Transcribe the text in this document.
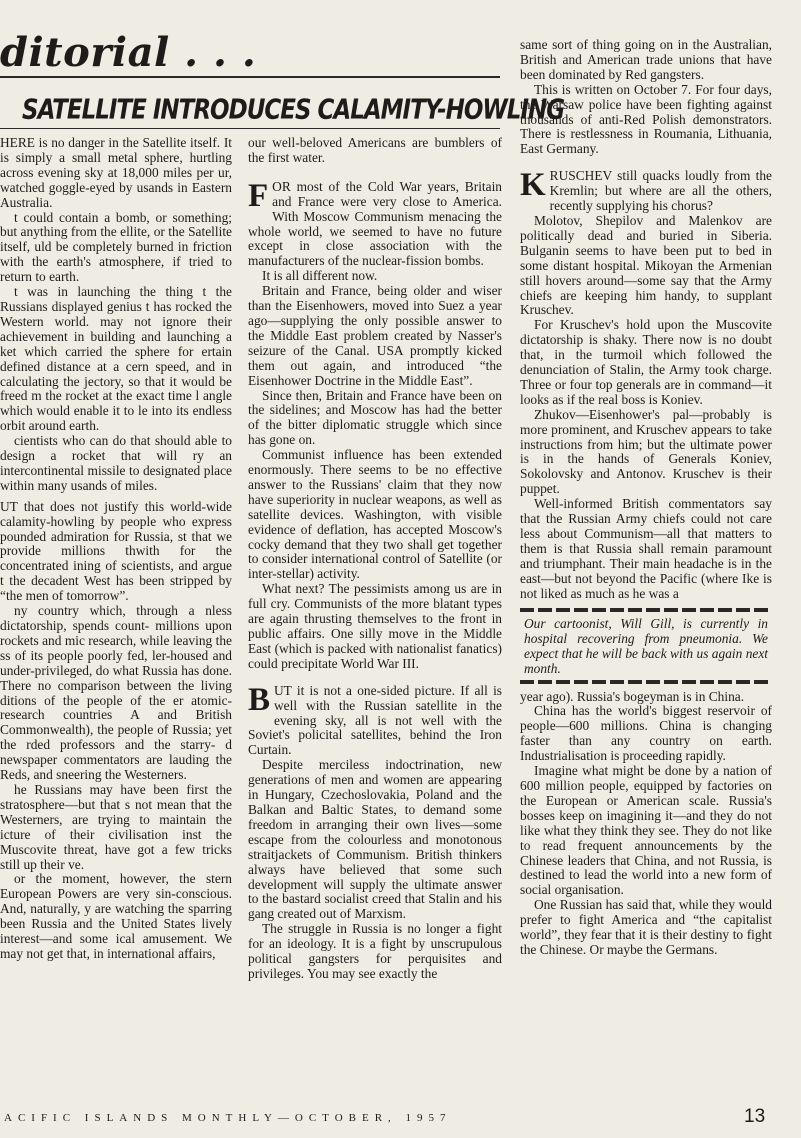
ditorial . . .
SATELLITE INTRODUCES CALAMITY-HOWLING

HERE is no danger in the Satellite itself. It is simply a small metal sphere, hurtling across evening sky at 18,000 miles per ur, watched goggle-eyed by usands in Eastern Australia.

t could contain a bomb, or something; but anything from the ellite, or the Satellite itself, uld be completely burned in friction with the earth's atmosphere, if tried to return to earth.

t was in launching the thing t the Russians displayed genius t has rocked the Western world. may not ignore their achievement in building and launching a ket which carried the sphere for ertain defined distance at a cern speed, and in calculating the jectory, so that it would be freed m the rocket at the exact time l angle which would enable it to le into its endless orbit around earth.

cientists who can do that should able to design a rocket that will ry an intercontinental missile to designated place within many usands of miles.

UT that does not justify this world-wide calamity-howling by people who express pounded admiration for Russia, st that we provide millions thwith for the concentrated ining of scientists, and argue t the decadent West has been stripped by “the men of tomorrow”.

ny country which, through a nless dictatorship, spends count- millions upon rockets and mic research, while leaving the ss of its people poorly fed, ler-housed and under-privileged, do what Russia has done. There no comparison between the living ditions of the people of the er atomic-research countries A and British Commonwealth), the people of Russia; yet the rded professors and the starry- d newspaper commentators are lauding the Reds, and sneering the Westerners.

he Russians may have been first the stratosphere—but that s not mean that the Westerners, are trying to maintain the icture of their civilisation inst the Muscovite threat, have got a few tricks still up their ve.

or the moment, however, the stern European Powers are very sin-conscious. And, naturally, y are watching the sparring been Russia and the United States lively interest—and some ical amusement. We may not get that, in international affairs,

our well-beloved Americans are bumblers of the first water.

FOR most of the Cold War years, Britain and France were very close to America. With Moscow Communism menacing the whole world, we seemed to have no future except in close association with the manufacturers of the nuclear-fission bombs.

It is all different now.

Britain and France, being older and wiser than the Eisenhowers, moved into Suez a year ago—supplying the only possible answer to the Middle East problem created by Nasser's seizure of the Canal. USA promptly kicked them out again, and introduced “the Eisenhower Doctrine in the Middle East”.

Since then, Britain and France have been on the sidelines; and Moscow has had the better of the bitter diplomatic struggle which since has gone on.

Communist influence has been extended enormously. There seems to be no effective answer to the Russians' claim that they now have superiority in nuclear weapons, as well as satellite devices. Washington, with visible evidence of deflation, has accepted Moscow's cocky demand that they two shall get together to consider international control of Satellite (or inter-stellar) activity.

What next? The pessimists among us are in full cry. Communists of the more blatant types are again thrusting themselves to the front in public affairs. One silly move in the Middle East (which is packed with nationalist fanatics) could precipitate World War III.

BUT it is not a one-sided picture. If all is well with the Russian satellite in the evening sky, all is not well with the Soviet's policital satellites, behind the Iron Curtain.

Despite merciless indoctrination, new generations of men and women are appearing in Hungary, Czechoslovakia, Poland and the Balkan and Baltic States, to demand some freedom in arranging their own lives—some escape from the colourless and monotonous straitjackets of Communism. British thinkers always have believed that some such development will supply the ultimate answer to the bastard socialist creed that Stalin and his gang created out of Marxism.

The struggle in Russia is no longer a fight for an ideology. It is a fight by unscrupulous political gangsters for perquisites and privileges. You may see exactly the

same sort of thing going on in the Australian, British and American trade unions that have been dominated by Red gangsters.

This is written on October 7. For four days, the Warsaw police have been fighting against thousands of anti-Red Polish demonstrators. There is restlessness in Roumania, Lithuania, East Germany.

KRUSCHEV still quacks loudly from the Kremlin; but where are all the others, recently supplying his chorus?

Molotov, Shepilov and Malenkov are politically dead and buried in Siberia. Bulganin seems to have been put to bed in some distant hospital. Mikoyan the Armenian still hovers around—some say that the Army chiefs are keeping him handy, to supplant Kruschev.

For Kruschev's hold upon the Muscovite dictatorship is shaky. There now is no doubt that, in the turmoil which followed the denunciation of Stalin, the Army took charge. Three or four top generals are in command—it looks as if the real boss is Koniev.

Zhukov—Eisenhower's pal—probably is more prominent, and Kruschev appears to take instructions from him; but the ultimate power is in the hands of Generals Koniev, Sokolovsky and Antonov. Kruschev is their puppet.

Well-informed British commentators say that the Russian Army chiefs could not care less about Communism—all that matters to them is that Russia shall remain paramount and triumphant. Their main headache is in the east—but not beyond the Pacific (where Ike is not liked as much as he was a

Our cartoonist, Will Gill, is currently in hospital recovering from pneumonia. We expect that he will be back with us again next month.

year ago). Russia's bogeyman is in China.

China has the world's biggest reservoir of people—600 millions. China is changing faster than any country on earth. Industrialisation is proceeding rapidly.

Imagine what might be done by a nation of 600 million people, equipped by factories on the European or American scale. Russia's bosses keep on imagining it—and they do not like what they think they see. They do not like to read frequent announcements by the Chinese leaders that China, and not Russia, is destined to lead the world into a new form of social organisation.

One Russian has said that, while they would prefer to fight America and “the capitalist world”, they fear that it is their destiny to fight the Chinese. Or maybe the Germans.

ACIFIC ISLANDS MONTHLY—OCTOBER, 1957	13
